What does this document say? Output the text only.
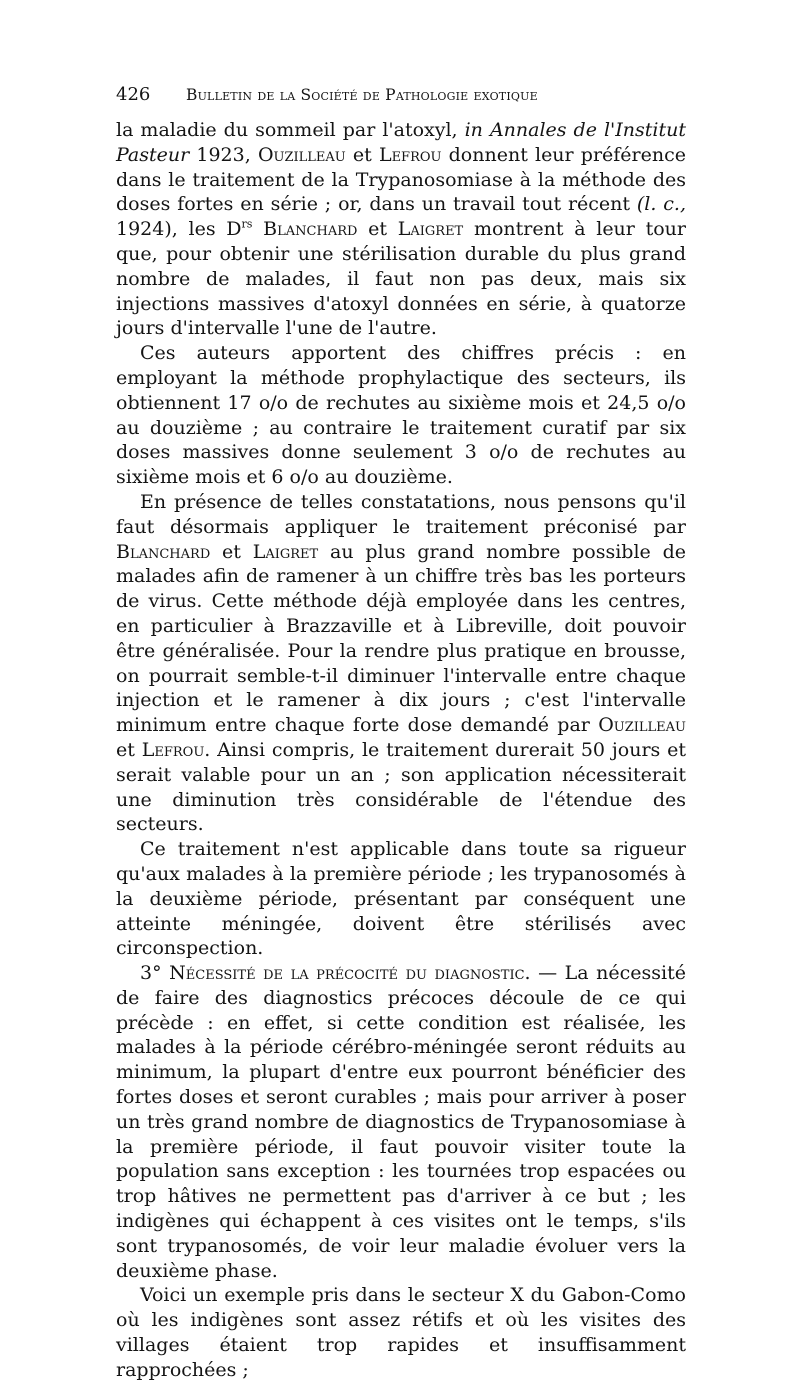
426	Bulletin de la Société de Pathologie exotique

la maladie du sommeil par l'atoxyl, in Annales de l'Institut Pasteur 1923, Ouzilleau et Lefrou donnent leur préférence dans le traitement de la Trypanosomiase à la méthode des doses fortes en série ; or, dans un travail tout récent (l. c., 1924), les $D^{rs}$ Blanchard et Laigret montrent à leur tour que, pour obtenir une stérilisation durable du plus grand nombre de malades, il faut non pas deux, mais six injections massives d'atoxyl données en série, à quatorze jours d'intervalle l'une de l'autre.

Ces auteurs apportent des chiffres précis : en employant la méthode prophylactique des secteurs, ils obtiennent 17 o/o de rechutes au sixième mois et 24,5 o/o au douzième ; au contraire le traitement curatif par six doses massives donne seulement 3 o/o de rechutes au sixième mois et 6 o/o au douzième.

En présence de telles constatations, nous pensons qu'il faut désormais appliquer le traitement préconisé par Blanchard et Laigret au plus grand nombre possible de malades afin de ramener à un chiffre très bas les porteurs de virus. Cette méthode déjà employée dans les centres, en particulier à Brazzaville et à Libreville, doit pouvoir être généralisée. Pour la rendre plus pratique en brousse, on pourrait semble-t-il diminuer l'intervalle entre chaque injection et le ramener à dix jours ; c'est l'intervalle minimum entre chaque forte dose demandé par Ouzilleau et Lefrou. Ainsi compris, le traitement durerait 50 jours et serait valable pour un an ; son application nécessiterait une diminution très considérable de l'étendue des secteurs.

Ce traitement n'est applicable dans toute sa rigueur qu'aux malades à la première période ; les trypanosomés à la deuxième période, présentant par conséquent une atteinte méningée, doivent être stérilisés avec circonspection.

3° Nécessité de la précocité du diagnostic. — La nécessité de faire des diagnostics précoces découle de ce qui précède : en effet, si cette condition est réalisée, les malades à la période cérébro-méningée seront réduits au minimum, la plupart d'entre eux pourront bénéficier des fortes doses et seront curables ; mais pour arriver à poser un très grand nombre de diagnostics de Trypanosomiase à la première période, il faut pouvoir visiter toute la population sans exception : les tournées trop espacées ou trop hâtives ne permettent pas d'arriver à ce but ; les indigènes qui échappent à ces visites ont le temps, s'ils sont trypanosomés, de voir leur maladie évoluer vers la deuxième phase.

Voici un exemple pris dans le secteur X du Gabon-Como où les indigènes sont assez rétifs et où les visites des villages étaient trop rapides et insuffisamment rapprochées ;
